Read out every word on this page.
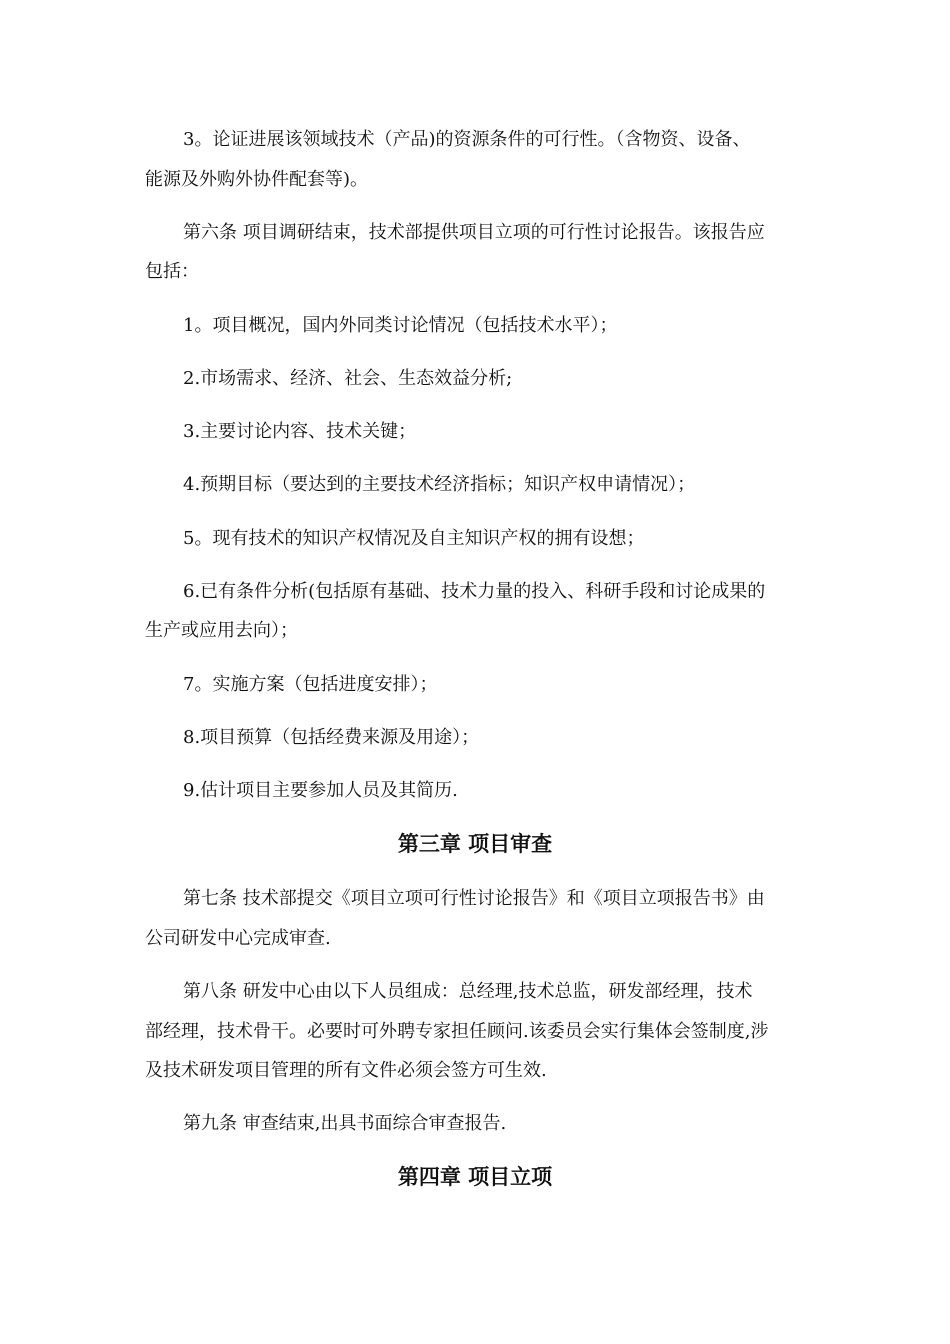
3。论证进展该领域技术（产品)的资源条件的可行性。（含物资、设备、
能源及外购外协件配套等)。
第六条 项目调研结束，技术部提供项目立项的可行性讨论报告。该报告应
包括：
1。项目概况，国内外同类讨论情况（包括技术水平）；
2.市场需求、经济、社会、生态效益分析;
3.主要讨论内容、技术关键；
4.预期目标（要达到的主要技术经济指标；知识产权申请情况）；
5。现有技术的知识产权情况及自主知识产权的拥有设想；
6.已有条件分析(包括原有基础、技术力量的投入、科研手段和讨论成果的
生产或应用去向）；
7。实施方案（包括进度安排）；
8.项目预算（包括经费来源及用途）；
9.估计项目主要参加人员及其简历.
第三章 项目审查
第七条 技术部提交《项目立项可行性讨论报告》和《项目立项报告书》由
公司研发中心完成审查.
第八条 研发中心由以下人员组成：总经理,技术总监，研发部经理，技术
部经理，技术骨干。必要时可外聘专家担任顾问.该委员会实行集体会签制度,涉
及技术研发项目管理的所有文件必须会签方可生效.
第九条 审查结束,出具书面综合审查报告.
第四章 项目立项
